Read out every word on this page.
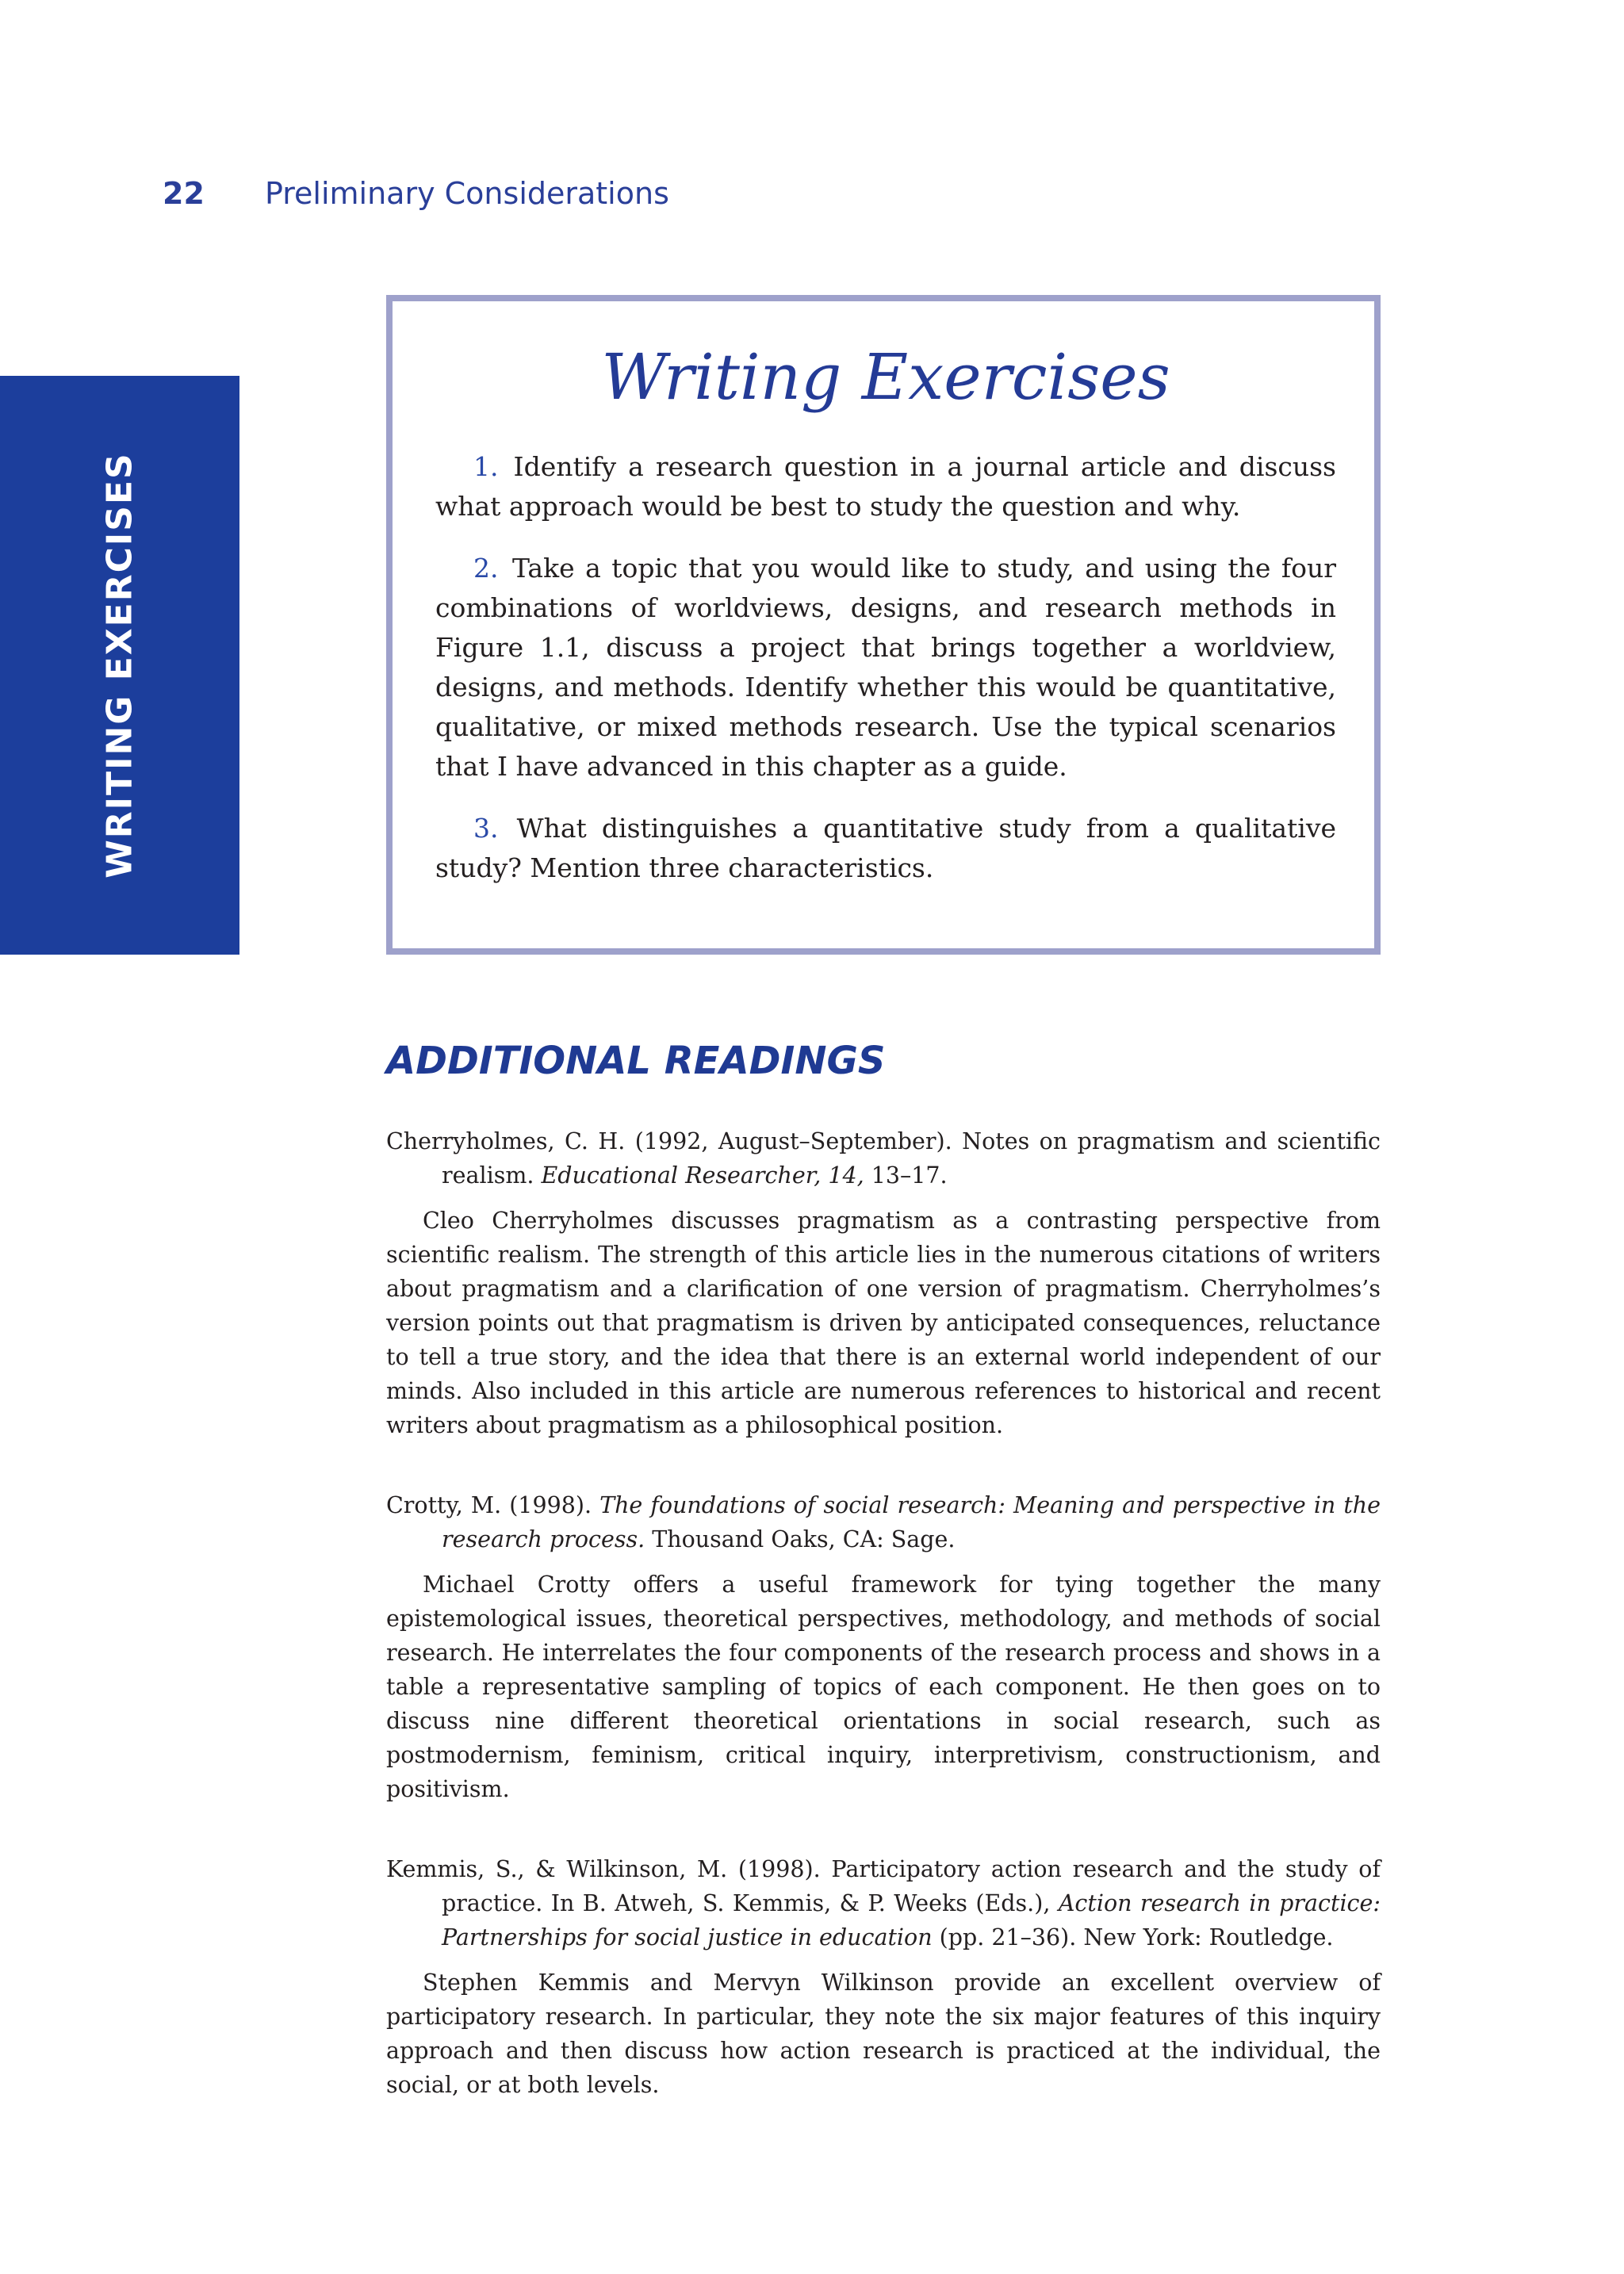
22 Preliminary Considerations
WRITING EXERCISES
Writing Exercises

1. Identify a research question in a journal article and discuss what approach would be best to study the question and why.

2. Take a topic that you would like to study, and using the four combinations of worldviews, designs, and research methods in Figure 1.1, discuss a project that brings together a worldview, designs, and methods. Identify whether this would be quantitative, qualitative, or mixed methods research. Use the typical scenarios that I have advanced in this chapter as a guide.

3. What distinguishes a quantitative study from a qualitative study? Mention three characteristics.

ADDITIONAL READINGS

Cherryholmes, C. H. (1992, August–September). Notes on pragmatism and scientific realism. Educational Researcher, 14, 13–17.

Cleo Cherryholmes discusses pragmatism as a contrasting perspective from scientific realism. The strength of this article lies in the numerous citations of writers about pragmatism and a clarification of one version of pragmatism. Cherryholmes’s version points out that pragmatism is driven by anticipated consequences, reluctance to tell a true story, and the idea that there is an external world independent of our minds. Also included in this article are numerous references to historical and recent writers about pragmatism as a philosophical position.

Crotty, M. (1998). The foundations of social research: Meaning and perspective in the research process. Thousand Oaks, CA: Sage.

Michael Crotty offers a useful framework for tying together the many epistemological issues, theoretical perspectives, methodology, and methods of social research. He interrelates the four components of the research process and shows in a table a representative sampling of topics of each component. He then goes on to discuss nine different theoretical orientations in social research, such as postmodernism, feminism, critical inquiry, interpretivism, constructionism, and positivism.

Kemmis, S., & Wilkinson, M. (1998). Participatory action research and the study of practice. In B. Atweh, S. Kemmis, & P. Weeks (Eds.), Action research in practice: Partnerships for social justice in education (pp. 21–36). New York: Routledge.

Stephen Kemmis and Mervyn Wilkinson provide an excellent overview of participatory research. In particular, they note the six major features of this inquiry approach and then discuss how action research is practiced at the individual, the social, or at both levels.
